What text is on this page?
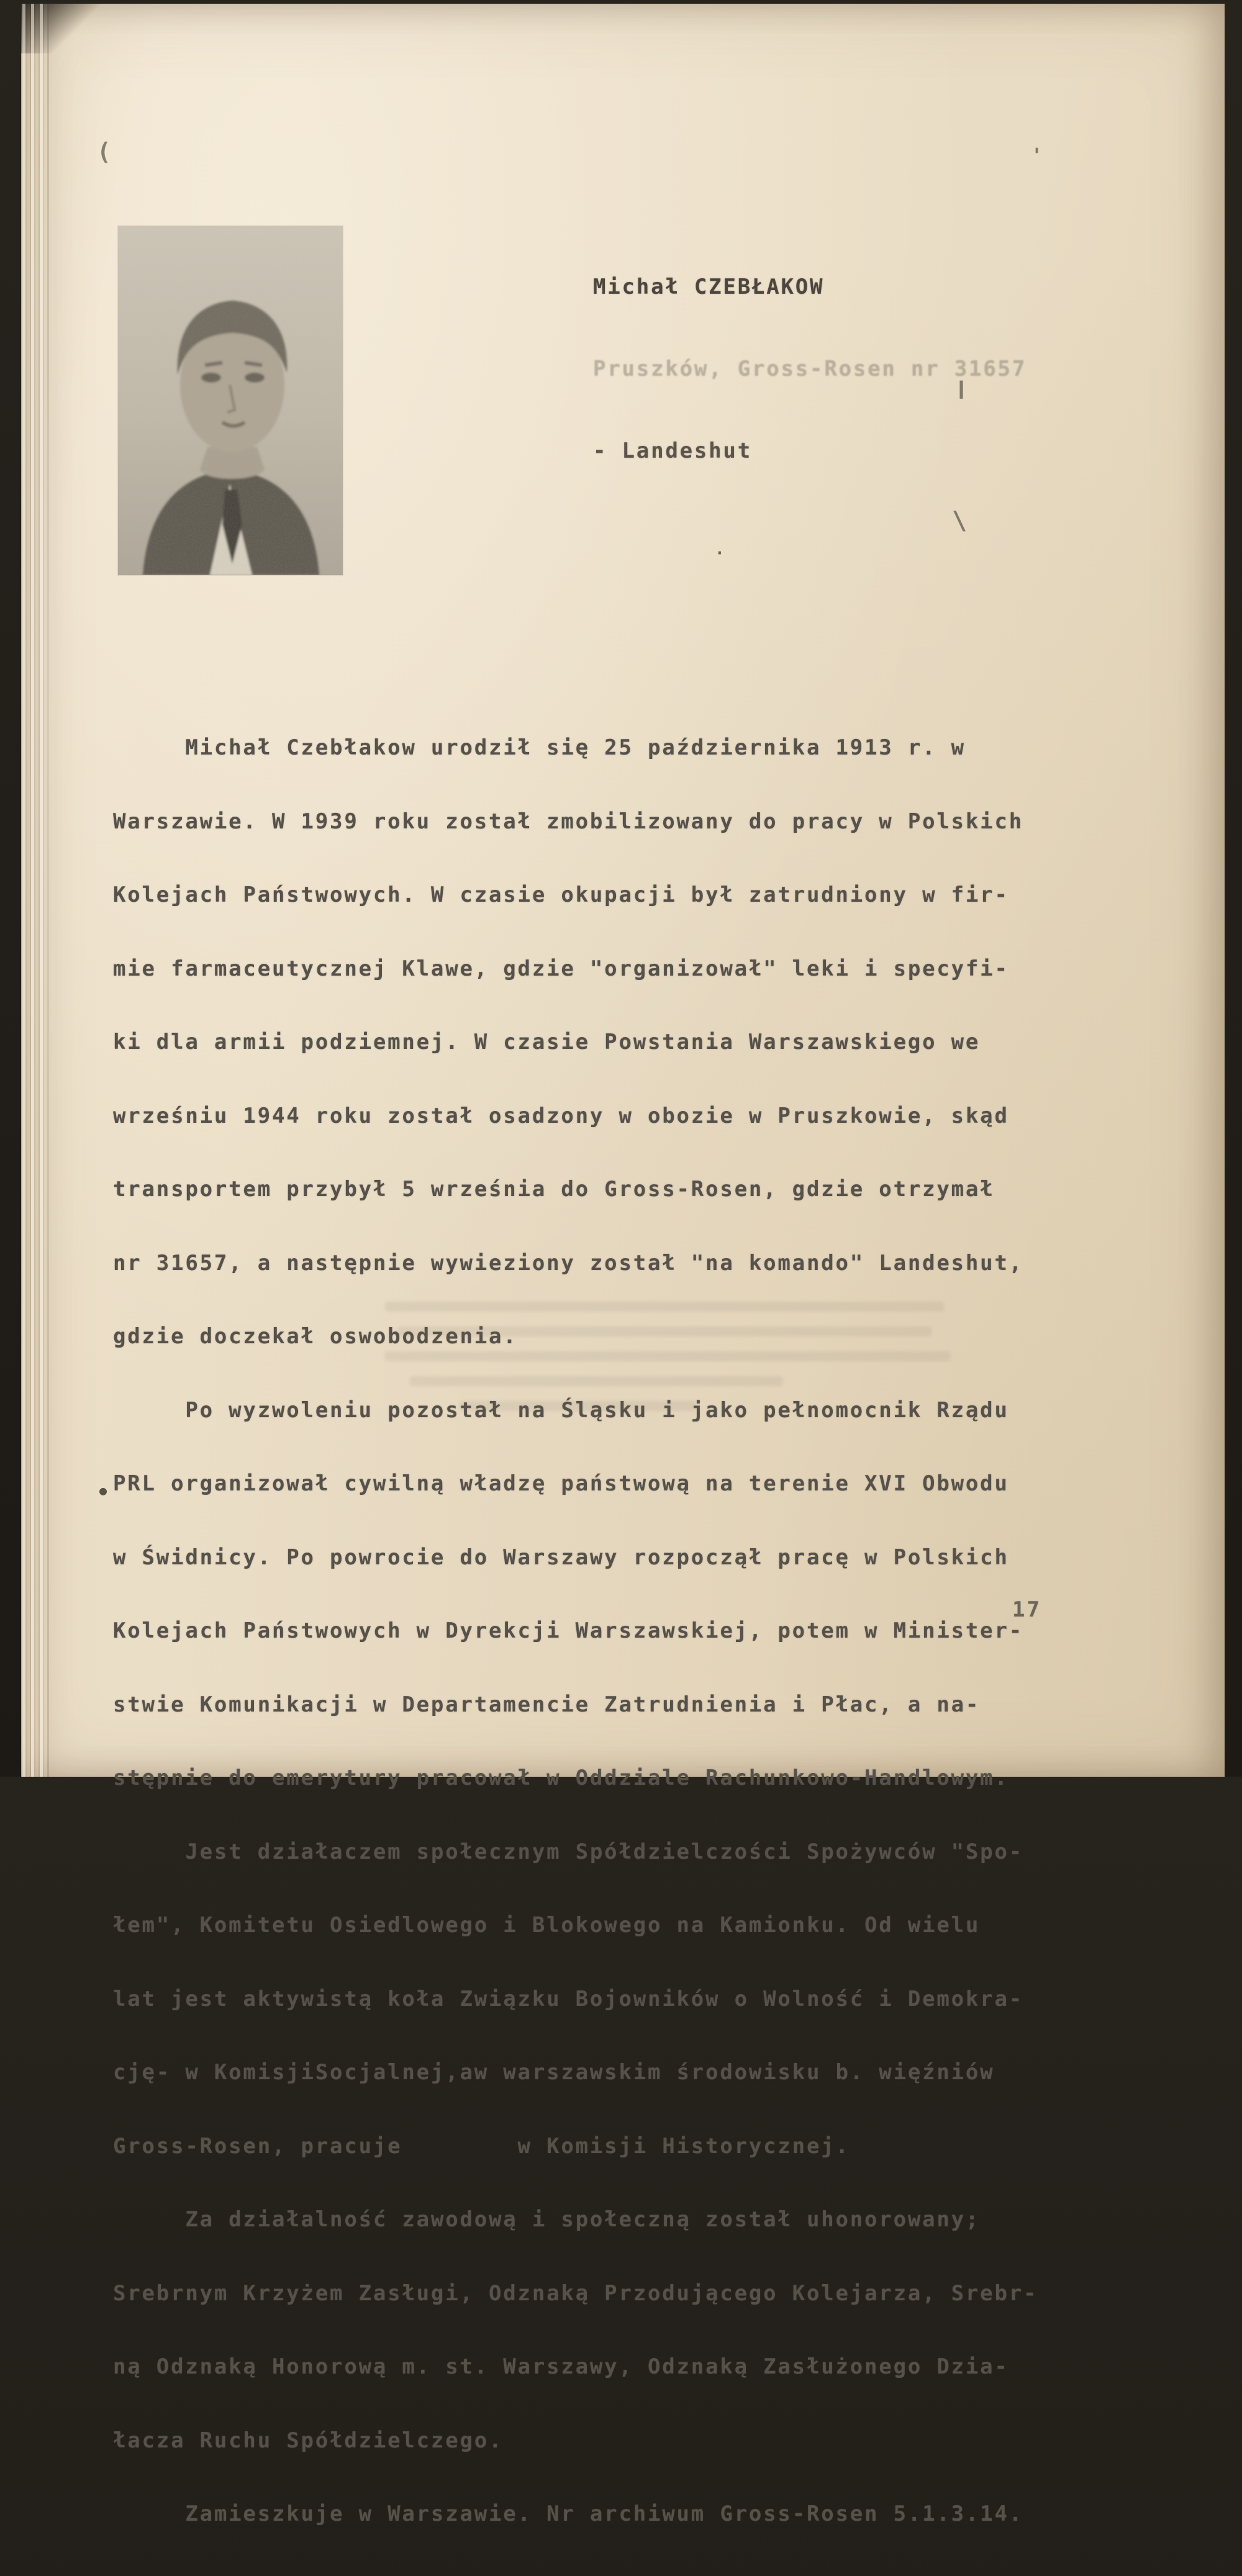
Michał CZEBŁAKOW

Pruszków, Gross-Rosen nr 31657

- Landeshut

Michał Czebłakow urodził się 25 października 1913 r. w

Warszawie. W 1939 roku został zmobilizowany do pracy w Polskich

Kolejach Państwowych. W czasie okupacji był zatrudniony w fir-

mie farmaceutycznej Klawe, gdzie "organizował" leki i specyfi-

ki dla armii podziemnej. W czasie Powstania Warszawskiego we

wrześniu 1944 roku został osadzony w obozie w Pruszkowie, skąd

transportem przybył 5 września do Gross-Rosen, gdzie otrzymał

nr 31657, a następnie wywieziony został "na komando" Landeshut,

gdzie doczekał oswobodzenia.

Po wyzwoleniu pozostał na Śląsku i jako pełnomocnik Rządu

PRL organizował cywilną władzę państwową na terenie XVI Obwodu

w Świdnicy. Po powrocie do Warszawy rozpoczął pracę w Polskich

Kolejach Państwowych w Dyrekcji Warszawskiej, potem w Minister-

stwie Komunikacji w Departamencie Zatrudnienia i Płac, a na-

stępnie do emerytury pracował w Oddziale Rachunkowo-Handlowym.

Jest działaczem społecznym Spółdzielczości Spożywców "Spo-

łem", Komitetu Osiedlowego i Blokowego na Kamionku. Od wielu

lat jest aktywistą koła Związku Bojowników o Wolność i Demokra-

cję- w KomisjiSocjalnej,aw warszawskim środowisku b. więźniów

Gross-Rosen, pracuje        w Komisji Historycznej.

Za działalność zawodową i społeczną został uhonorowany;

Srebrnym Krzyżem Zasługi, Odznaką Przodującego Kolejarza, Srebr-

ną Odznaką Honorową m. st. Warszawy, Odznaką Zasłużonego Dzia-

łacza Ruchu Spółdzielczego.

Zamieszkuje w Warszawie. Nr archiwum Gross-Rosen 5.1.3.14.

(	'
ǀ
\
·
●
17
